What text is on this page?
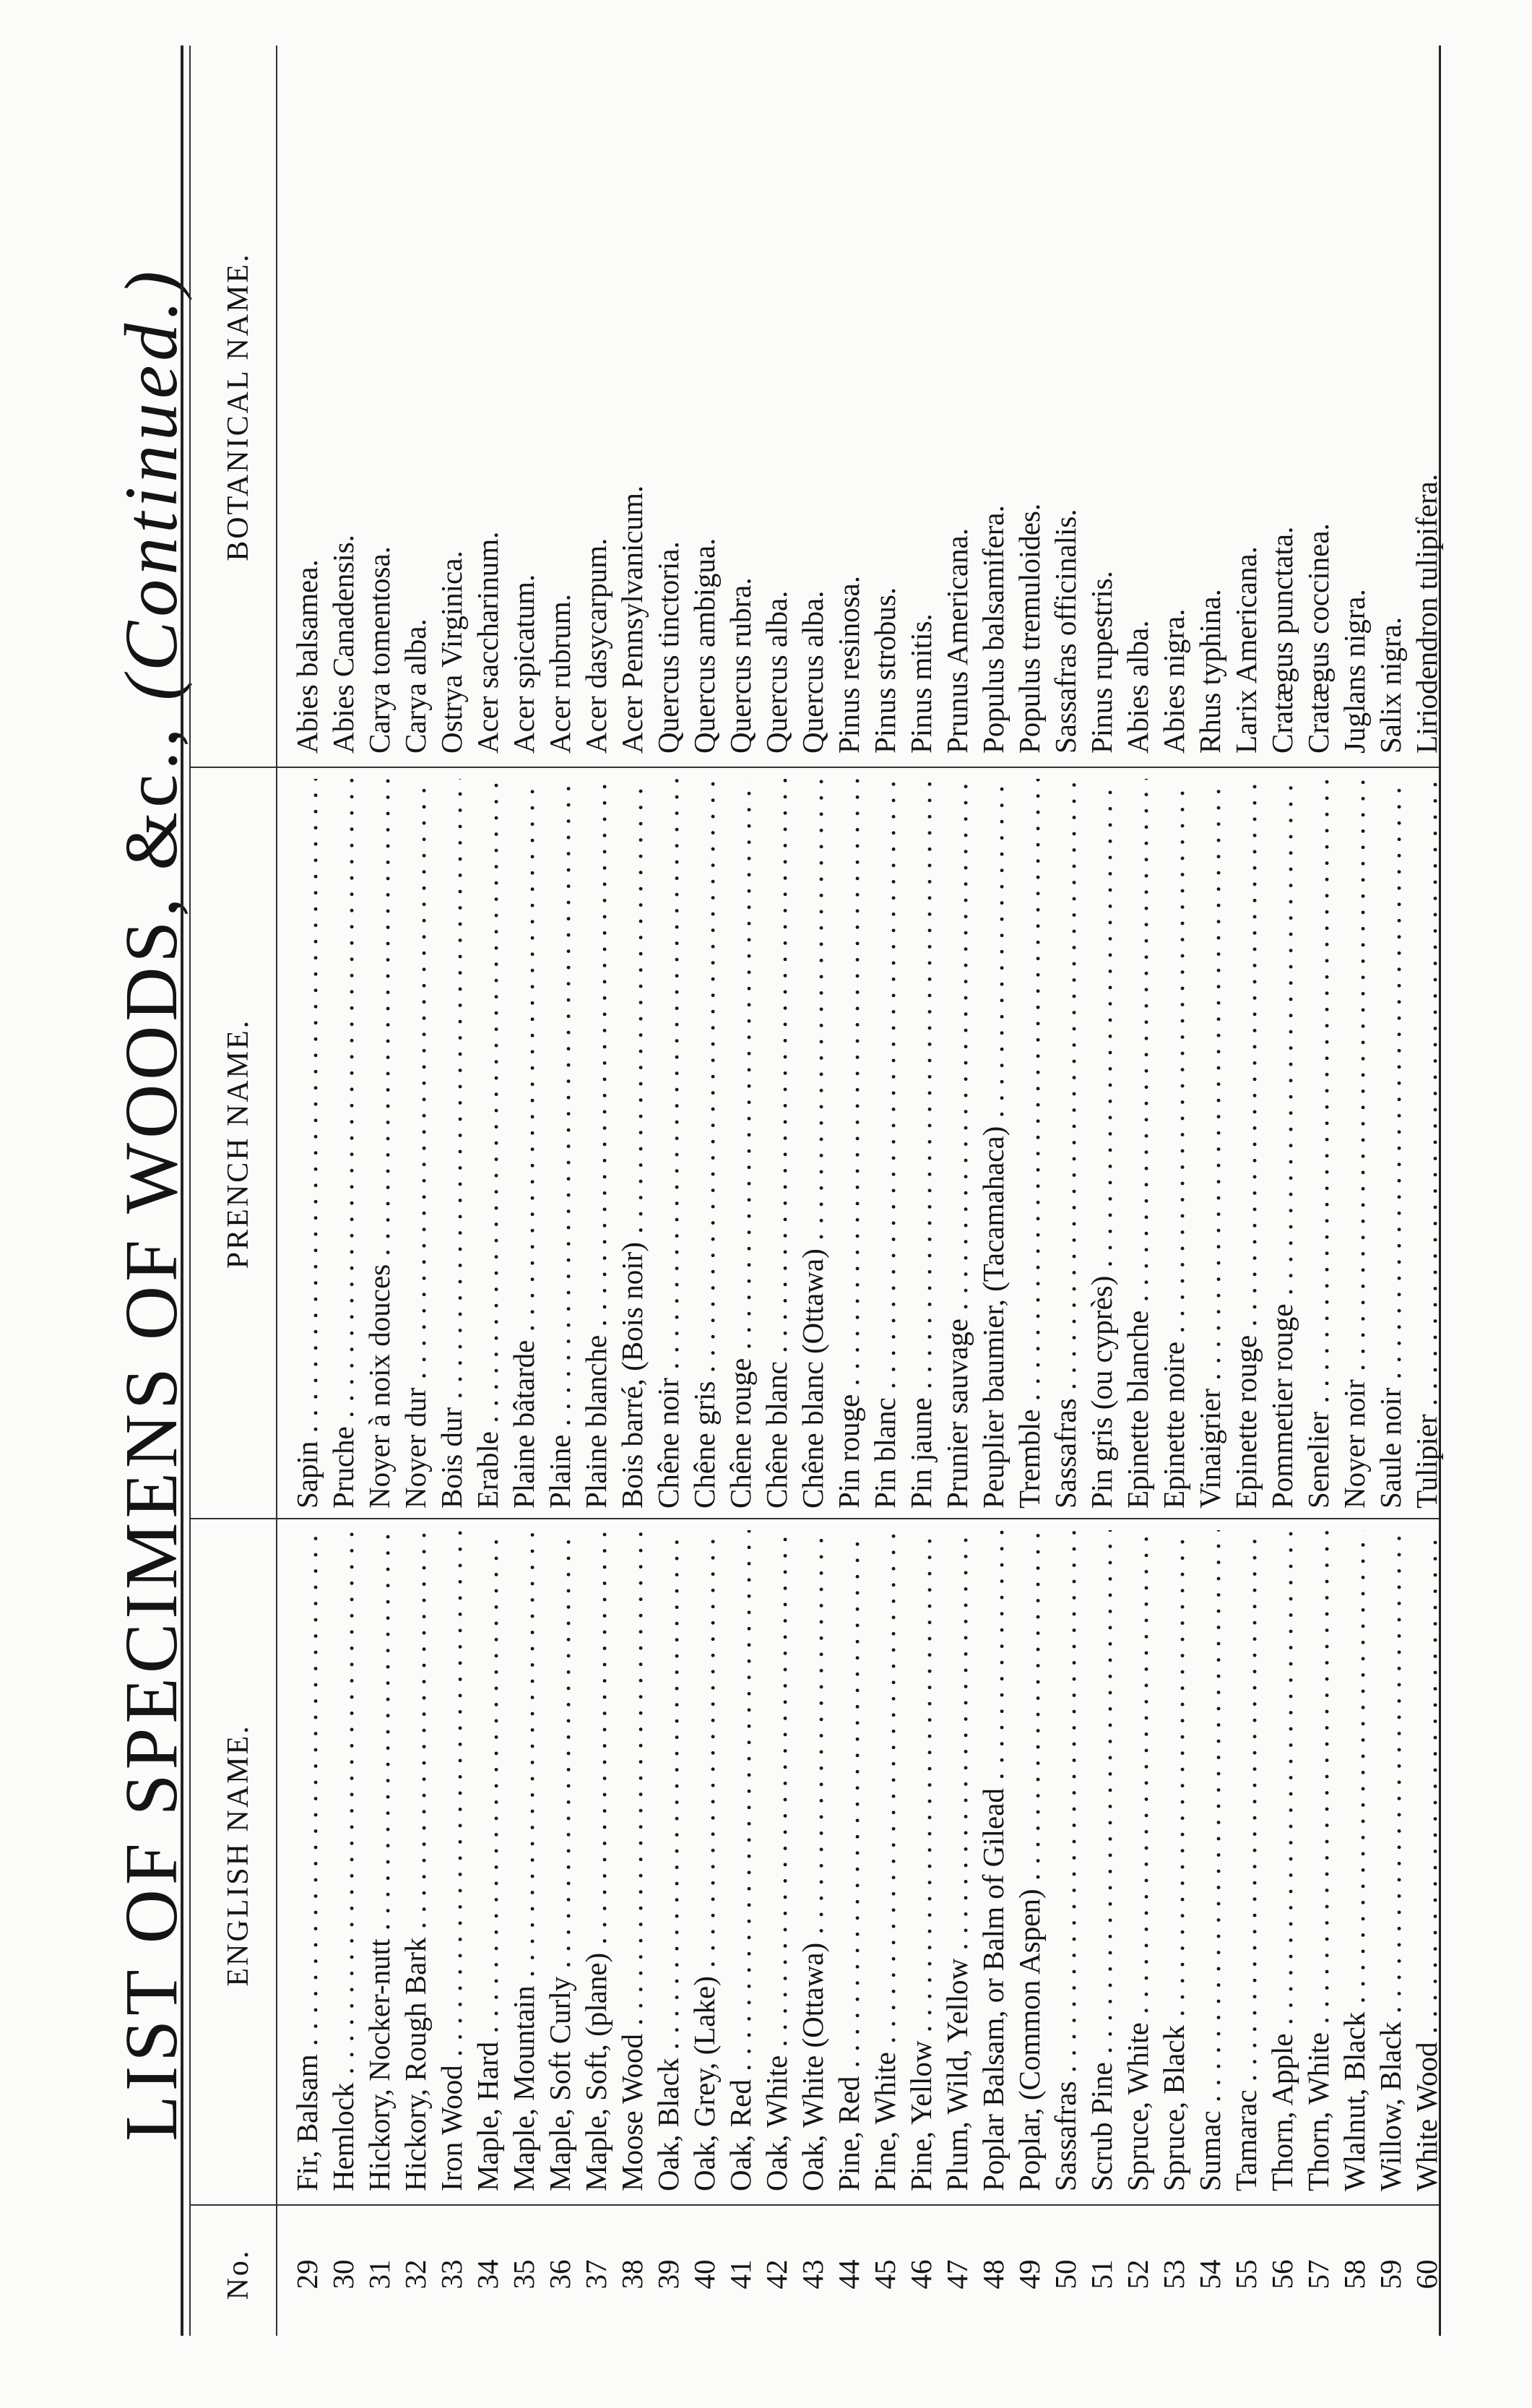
LIST OF SPECIMENS OF WOODS, &c., (Continued.)
No.
ENGLISH NAME.
PRENCH NAME.
BOTANICAL NAME.
29
Fir, Balsam . . .
Sapin . . .
Abies balsamea.
30
Hemlock . . .
Pruche . . .
Abies Canadensis.
31
Hickory, Nocker-nutt . . .
Noyer à noix douces . . .
Carya tomentosa.
32
Hickory, Rough Bark . . .
Noyer dur . . .
Carya alba.
33
Iron Wood . . .
Bois dur . . .
Ostrya Virginica.
34
Maple, Hard . . .
Erable . . .
Acer saccharinum.
35
Maple, Mountain . . .
Plaine bâtarde . . .
Acer spicatum.
36
Maple, Soft Curly . . .
Plaine . . .
Acer rubrum.
37
Maple, Soft, (plane) . . .
Plaine blanche . . .
Acer dasycarpum.
38
Moose Wood . . .
Bois barré, (Bois noir) . . .
Acer Pennsylvanicum.
39
Oak, Black . . .
Chêne noir . . .
Quercus tinctoria.
40
Oak, Grey, (Lake) . . .
Chêne gris . . .
Quercus ambigua.
41
Oak, Red . . .
Chêne rouge . . .
Quercus rubra.
42
Oak, White . . .
Chêne blanc . . .
Quercus alba.
43
Oak, White (Ottawa) . . .
Chêne blanc (Ottawa) . . .
Quercus alba.
44
Pine, Red . . .
Pin rouge . . .
Pinus resinosa.
45
Pine, White . . .
Pin blanc . . .
Pinus strobus.
46
Pine, Yellow . . .
Pin jaune . . .
Pinus mitis.
47
Plum, Wild, Yellow . . .
Prunier sauvage . . .
Prunus Americana.
48
Poplar Balsam, or Balm of Gilead . . .
Peuplier baumier, (Tacamahaca) . . .
Populus balsamifera.
49
Poplar, (Common Aspen) . . .
Tremble . . .
Populus tremuloides.
50
Sassafras . . .
Sassafras . . .
Sassafras officinalis.
51
Scrub Pine . . .
Pin gris (ou cyprès) . . .
Pinus rupestris.
52
Spruce, White . . .
Epinette blanche . . .
Abies alba.
53
Spruce, Black . . .
Epinette noire . . .
Abies nigra.
54
Sumac . . .
Vinaigrier . . .
Rhus typhina.
55
Tamarac . . .
Epinette rouge . . .
Larix Americana.
56
Thorn, Apple . . .
Pommetier rouge . . .
Cratægus punctata.
57
Thorn, White . . .
Senelier . . .
Cratægus coccinea.
58
Wlalnut, Black . . .
Noyer noir . . .
Juglans nigra.
59
Willow, Black . . .
Saule noir . . .
Salix nigra.
60
White Wood . . .
Tulipier . . .
Liriodendron tulipifera.
